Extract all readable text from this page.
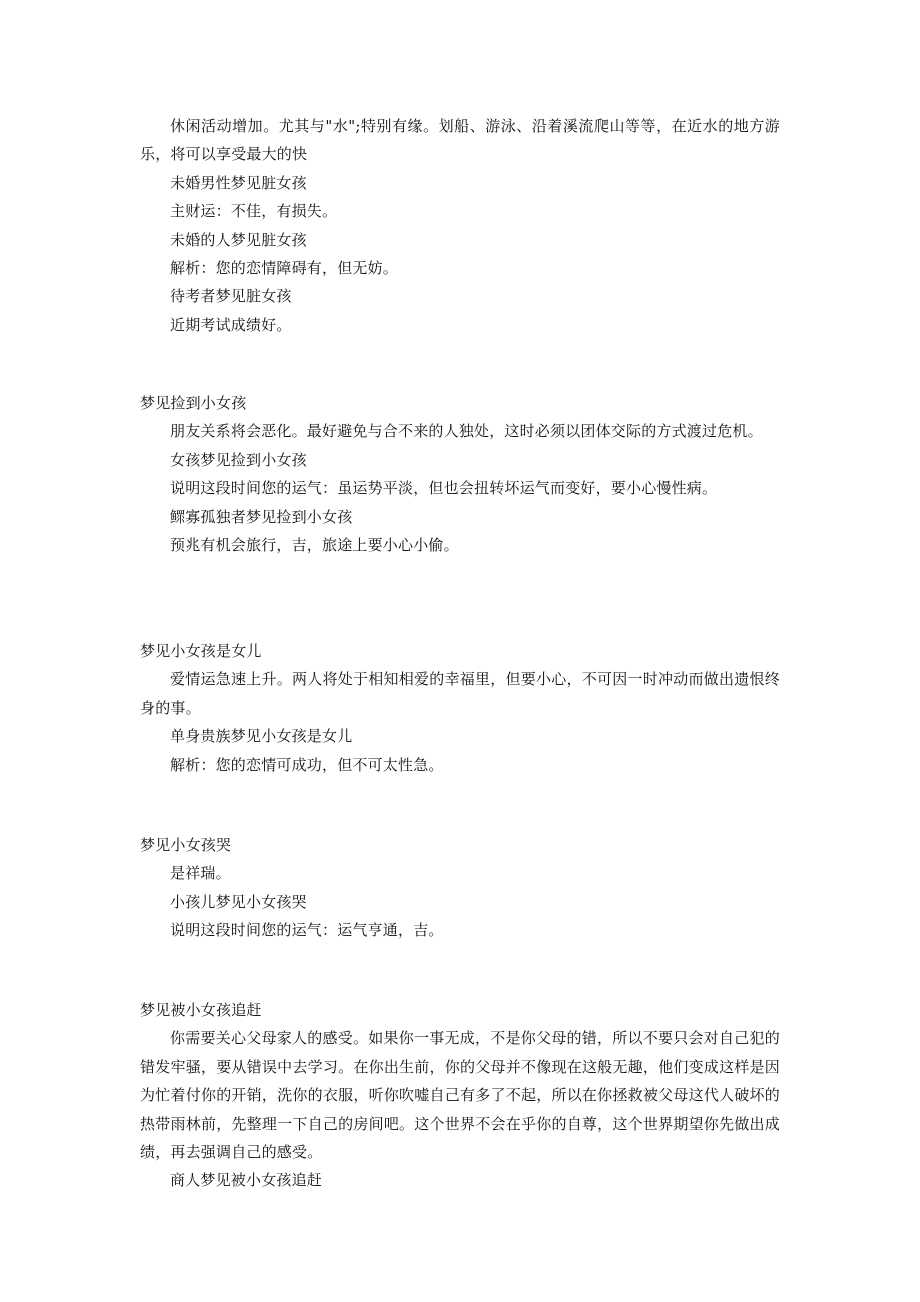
休闲活动增加。尤其与"水";特别有缘。划船、游泳、沿着溪流爬山等等，在近水的地方游乐，将可以享受最大的快

未婚男性梦见脏女孩

主财运：不佳，有损失。

未婚的人梦见脏女孩

解析：您的恋情障碍有，但无妨。

待考者梦见脏女孩

近期考试成绩好。

梦见捡到小女孩

朋友关系将会恶化。最好避免与合不来的人独处，这时必须以团体交际的方式渡过危机。

女孩梦见捡到小女孩

说明这段时间您的运气：虽运势平淡，但也会扭转坏运气而变好，要小心慢性病。

鳏寡孤独者梦见捡到小女孩

预兆有机会旅行，吉，旅途上要小心小偷。

梦见小女孩是女儿

爱情运急速上升。两人将处于相知相爱的幸福里，但要小心，不可因一时冲动而做出遗恨终身的事。

单身贵族梦见小女孩是女儿

解析：您的恋情可成功，但不可太性急。

梦见小女孩哭

是祥瑞。

小孩儿梦见小女孩哭

说明这段时间您的运气：运气亨通，吉。

梦见被小女孩追赶

你需要关心父母家人的感受。如果你一事无成，不是你父母的错，所以不要只会对自己犯的错发牢骚，要从错误中去学习。在你出生前，你的父母并不像现在这般无趣，他们变成这样是因为忙着付你的开销，洗你的衣服，听你吹嘘自己有多了不起，所以在你拯救被父母这代人破坏的热带雨林前，先整理一下自己的房间吧。这个世界不会在乎你的自尊，这个世界期望你先做出成绩，再去强调自己的感受。

商人梦见被小女孩追赶
